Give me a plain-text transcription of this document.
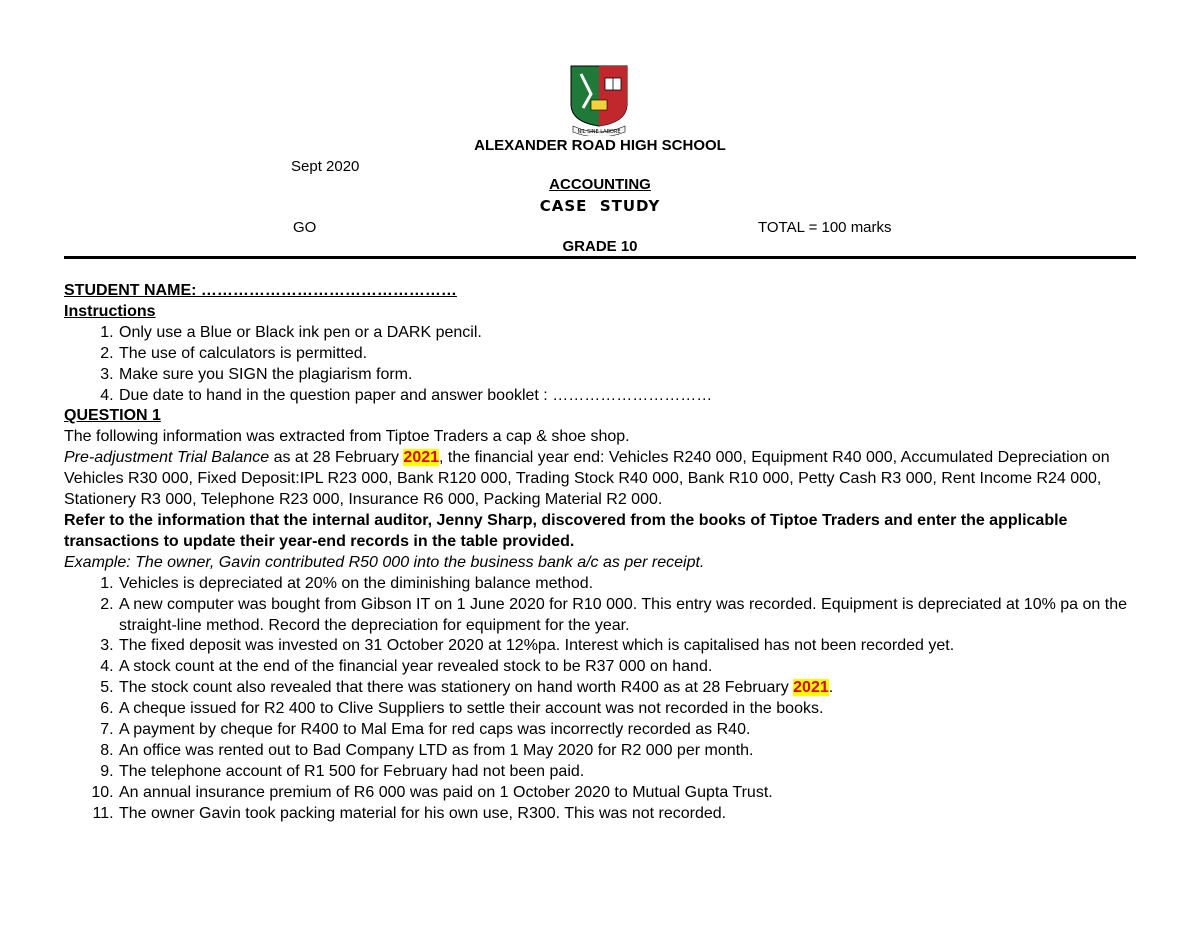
NIL SINE LABORE
ALEXANDER ROAD HIGH SCHOOL
Sept 2020
ACCOUNTING
CASE  STUDY
GO	TOTAL = 100 marks
GRADE 10

STUDENT NAME: …………………………………………

Instructions

1. Only use a Blue or Black ink pen or a DARK pencil.
2. The use of calculators is permitted.
3. Make sure you SIGN the plagiarism form.
4. Due date to hand in the question paper and answer booklet : …………………………

QUESTION 1

The following information was extracted from Tiptoe Traders a cap & shoe shop.

Pre-adjustment Trial Balance as at 28 February 2021, the financial year end: Vehicles R240 000, Equipment R40 000, Accumulated Depreciation on Vehicles R30 000, Fixed Deposit:IPL R23 000, Bank R120 000, Trading Stock R40 000, Bank R10 000, Petty Cash R3 000, Rent Income R24 000, Stationery R3 000, Telephone R23 000, Insurance R6 000, Packing Material R2 000.

Refer to the information that the internal auditor, Jenny Sharp, discovered from the books of Tiptoe Traders and enter the applicable transactions to update their year-end records in the table provided.

Example: The owner, Gavin contributed R50 000 into the business bank a/c as per receipt.

1. Vehicles is depreciated at 20% on the diminishing balance method.
2. A new computer was bought from Gibson IT on 1 June 2020 for R10 000. This entry was recorded. Equipment is depreciated at 10% pa on the straight-line method. Record the depreciation for equipment for the year.
3. The fixed deposit was invested on 31 October 2020 at 12%pa. Interest which is capitalised has not been recorded yet.
4. A stock count at the end of the financial year revealed stock to be R37 000 on hand.
5. The stock count also revealed that there was stationery on hand worth R400 as at 28 February 2021.
6. A cheque issued for R2 400 to Clive Suppliers to settle their account was not recorded in the books.
7. A payment by cheque for R400 to Mal Ema for red caps was incorrectly recorded as R40.
8. An office was rented out to Bad Company LTD as from 1 May 2020 for R2 000 per month.
9. The telephone account of R1 500 for February had not been paid.
10. An annual insurance premium of R6 000 was paid on 1 October 2020 to Mutual Gupta Trust.
11. The owner Gavin took packing material for his own use, R300. This was not recorded.
